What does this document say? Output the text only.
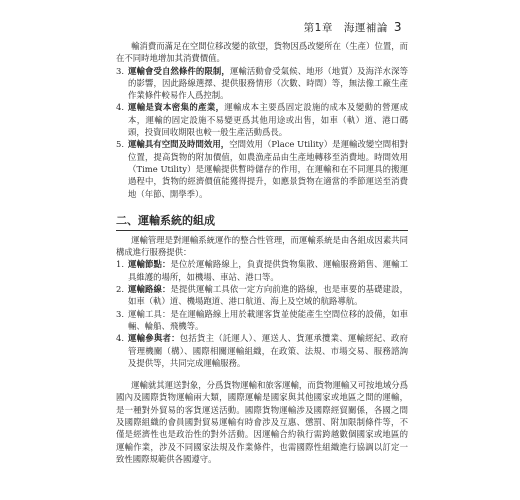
第1章　海運補論 3

輸消費而滿足在空間位移改變的欲望，貨物因爲改變所在（生產）位置，而在不同時地增加其消費價值。

3. 運輸會受自然條件的限制，運輸活動會受氣候、地形（地質）及海洋水深等的影響，因此路線選擇、提供服務情形（次數、時間）等，無法像工廠生產作業條件較易作人爲控制。
4. 運輸是資本密集的產業，運輸成本主要爲固定設施的成本及變動的營運成本，運輸的固定設施不易變更爲其他用途或出售，如車（軌）道、港口碼頭，投資回收期限也較一般生產活動爲長。
5. 運輸具有空間及時間效用，空間效用（Place Utility）是運輸改變空間相對位置，提高貨物的附加價值，如農漁產品由生產地轉移至消費地。時間效用（Time Utility）是運輸提供暫時儲存的作用，在運輸和在不同運具的搬運過程中，貨物的經濟價值能獲得提升，如應景貨物在適當的季節運送至消費地（年節、開學季）。
二、運輸系統的組成

運輸管理是對運輸系統運作的整合性管理，而運輸系統是由各組成因素共同構成進行服務提供：

1. 運輸節點：是位於運輸路線上，負責提供貨物集散、運輸服務銷售、運輸工具維護的場所，如機場、車站、港口等。
2. 運輸路線：是提供運輸工具依一定方向前進的路線，也是車要的基礎建設，如車（軌）道、機場跑道、港口航道、海上及空域的航路導航。
3. 運輸工具：是在運輸路線上用於載運客貨並使能產生空間位移的設備，如車輛、輪船、飛機等。
4. 運輸參與者：包括貨主（託運人）、運送人、貨運承攬業、運輸經紀、政府管理機關（構）、國際相關運輸組織，在政策、法規、市場交易、服務諮詢及提供等，共同完成運輸服務。

運輸就其運送對象，分爲貨物運輸和旅客運輸，而貨物運輸又可按地域分爲國內及國際貨物運輸兩大類，國際運輸是國家與其他國家或地區之間的運輸，是一種對外貿易的客貨運送活動。國際貨物運輸涉及國際經貿關係，各國之間及國際組織的會員國對貿易運輸有時會涉及互惠、懲罰、附加限制條件等，不僅是經濟性也是政治性的對外活動。因運輸合約執行需跨越數個國家或地區的運輸作業，涉及不同國家法規及作業條件，也需國際性組織進行協調以訂定一致性國際規範供各國遵守。
